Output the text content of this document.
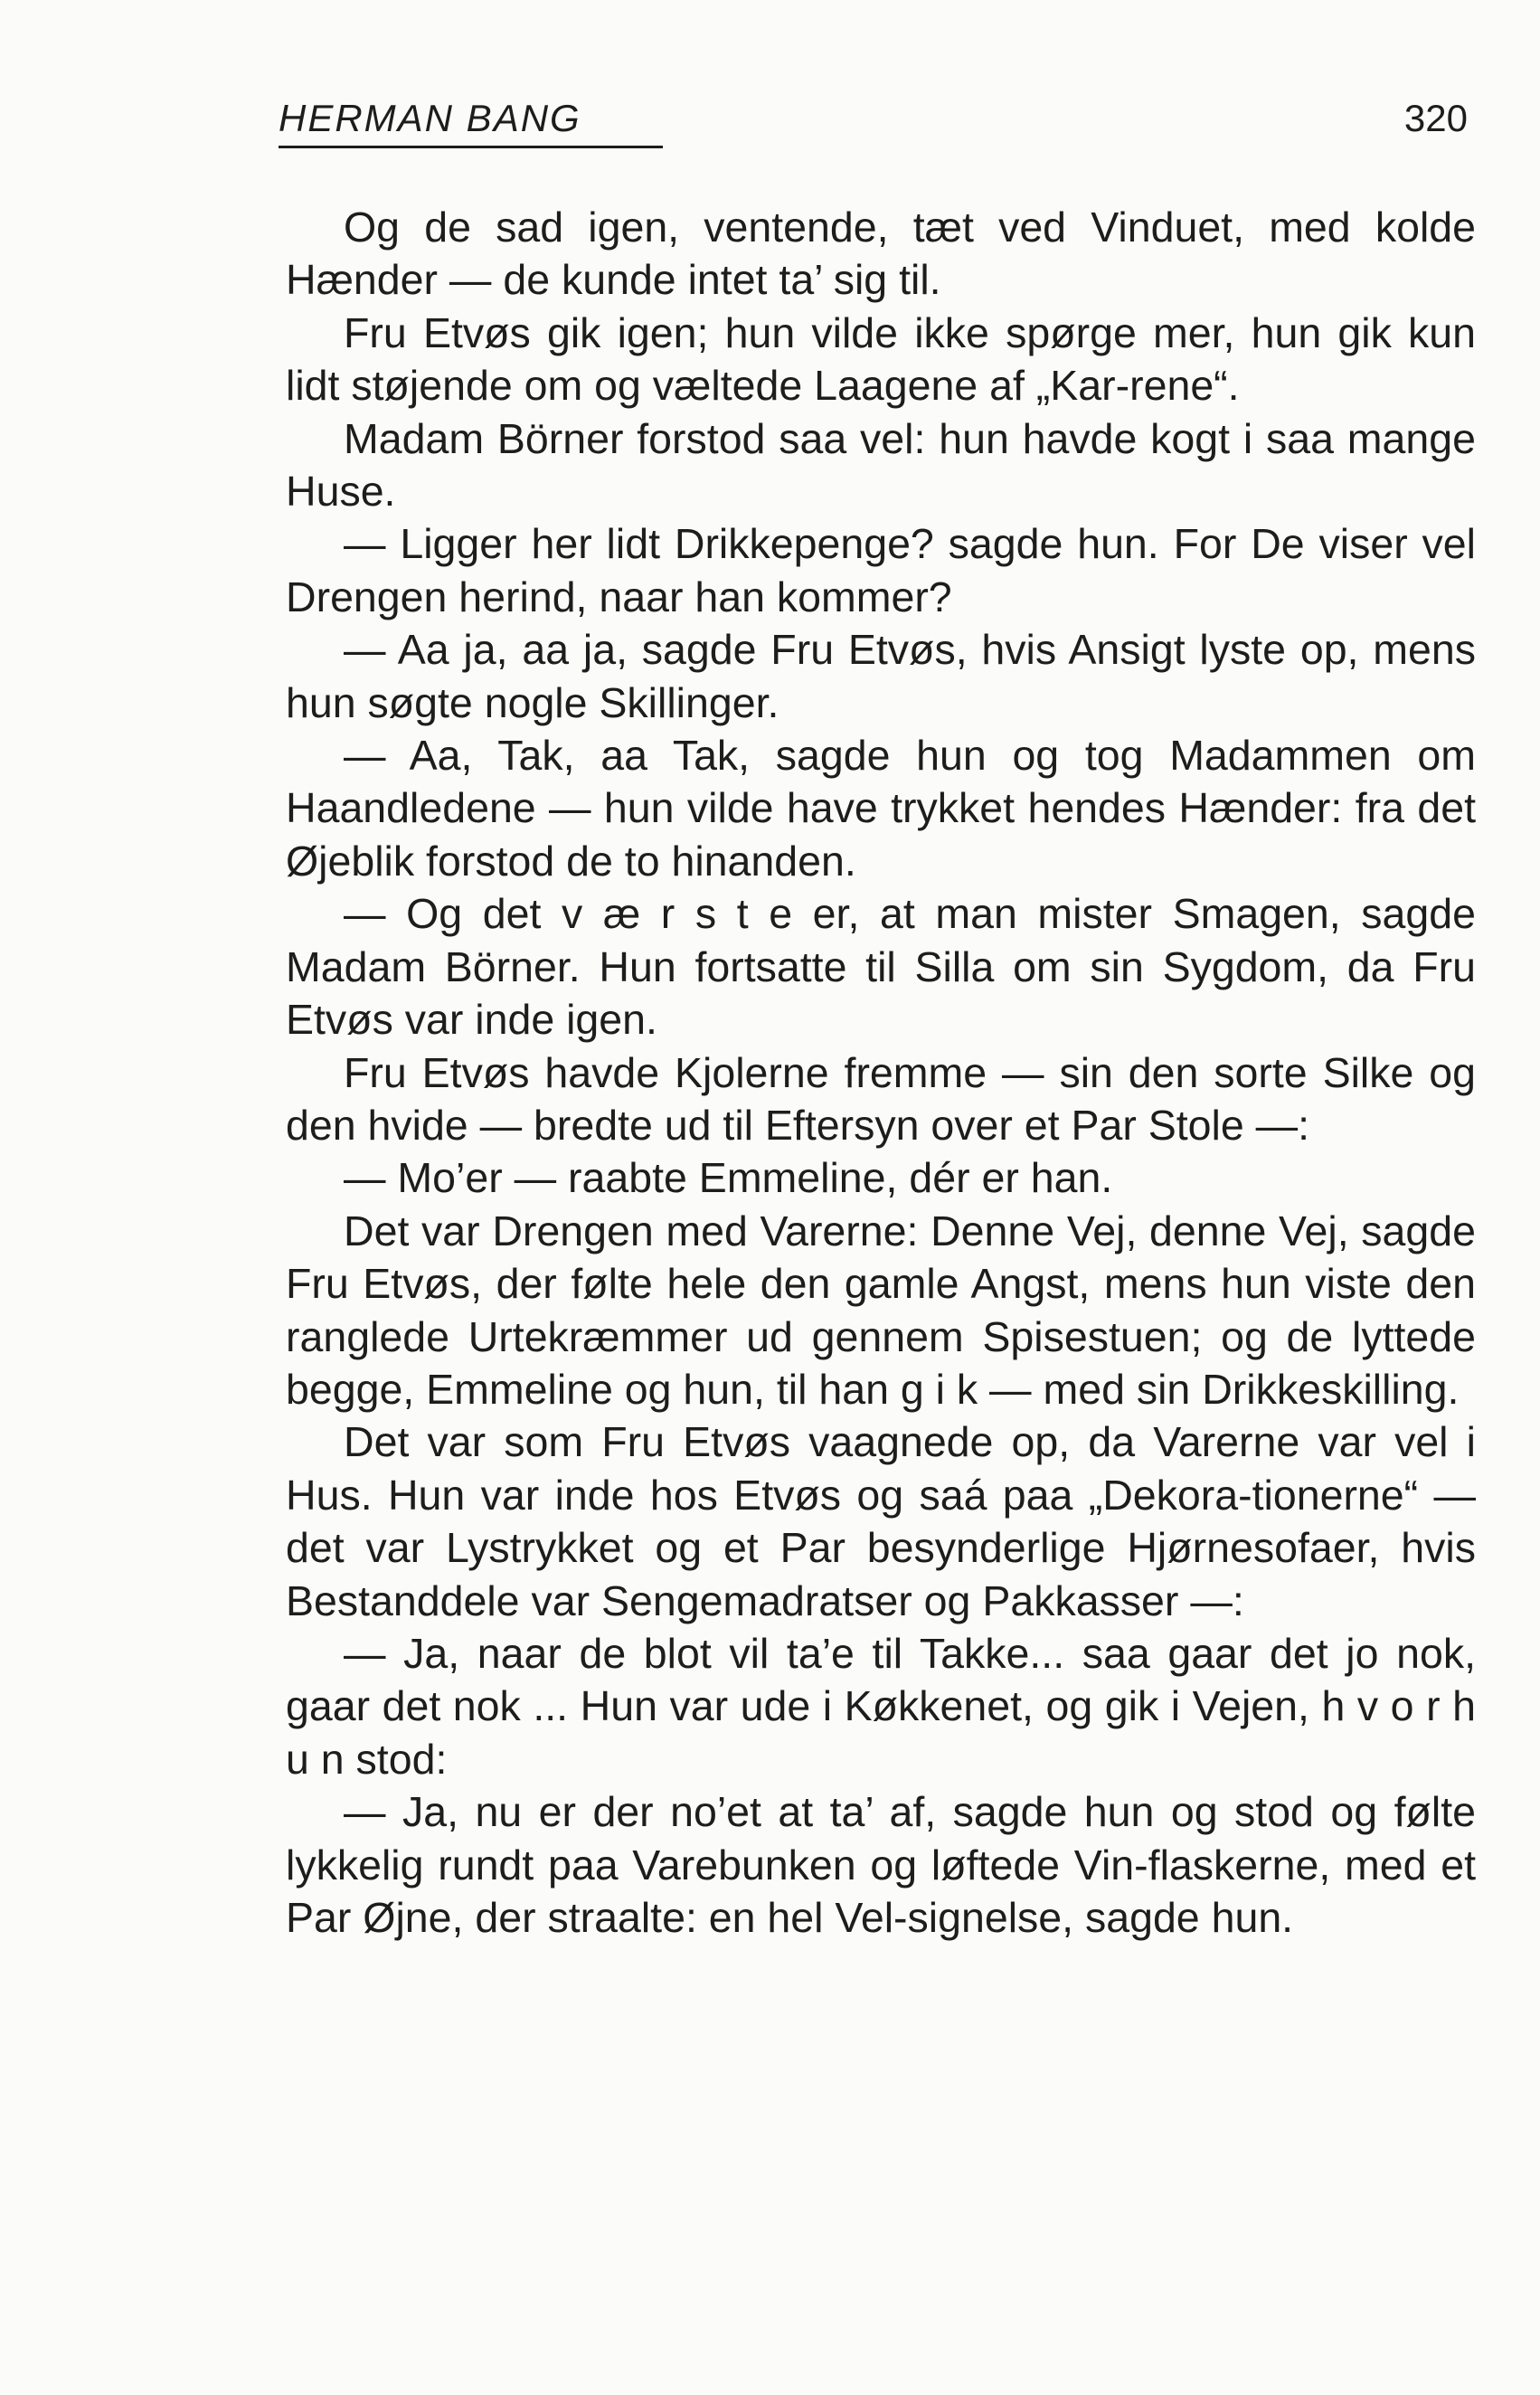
HERMAN BANG	320

Og de sad igen, ventende, tæt ved Vinduet, med kolde Hænder — de kunde intet ta’ sig til.

Fru Etvøs gik igen; hun vilde ikke spørge mer, hun gik kun lidt støjende om og væltede Laagene af „Kar-rene“.

Madam Börner forstod saa vel: hun havde kogt i saa mange Huse.

— Ligger her lidt Drikkepenge? sagde hun. For De viser vel Drengen herind, naar han kommer?

— Aa ja, aa ja, sagde Fru Etvøs, hvis Ansigt lyste op, mens hun søgte nogle Skillinger.

— Aa, Tak, aa Tak, sagde hun og tog Madammen om Haandledene — hun vilde have trykket hendes Hænder: fra det Øjeblik forstod de to hinanden.

— Og det v æ r s t e er, at man mister Smagen, sagde Madam Börner. Hun fortsatte til Silla om sin Sygdom, da Fru Etvøs var inde igen.

Fru Etvøs havde Kjolerne fremme — sin den sorte Silke og den hvide — bredte ud til Eftersyn over et Par Stole —:

— Mo’er — raabte Emmeline, dér er han.

Det var Drengen med Varerne: Denne Vej, denne Vej, sagde Fru Etvøs, der følte hele den gamle Angst, mens hun viste den ranglede Urtekræmmer ud gennem Spisestuen; og de lyttede begge, Emmeline og hun, til han g i k — med sin Drikkeskilling.

Det var som Fru Etvøs vaagnede op, da Varerne var vel i Hus. Hun var inde hos Etvøs og saá paa „Dekora-tionerne“ — det var Lystrykket og et Par besynderlige Hjørnesofaer, hvis Bestanddele var Sengemadratser og Pakkasser —:

— Ja, naar de blot vil ta’e til Takke... saa gaar det jo nok, gaar det nok ... Hun var ude i Køkkenet, og gik i Vejen, h v o r h u n stod:

— Ja, nu er der no’et at ta’ af, sagde hun og stod og følte lykkelig rundt paa Varebunken og løftede Vin-flaskerne, med et Par Øjne, der straalte: en hel Vel-signelse, sagde hun.
